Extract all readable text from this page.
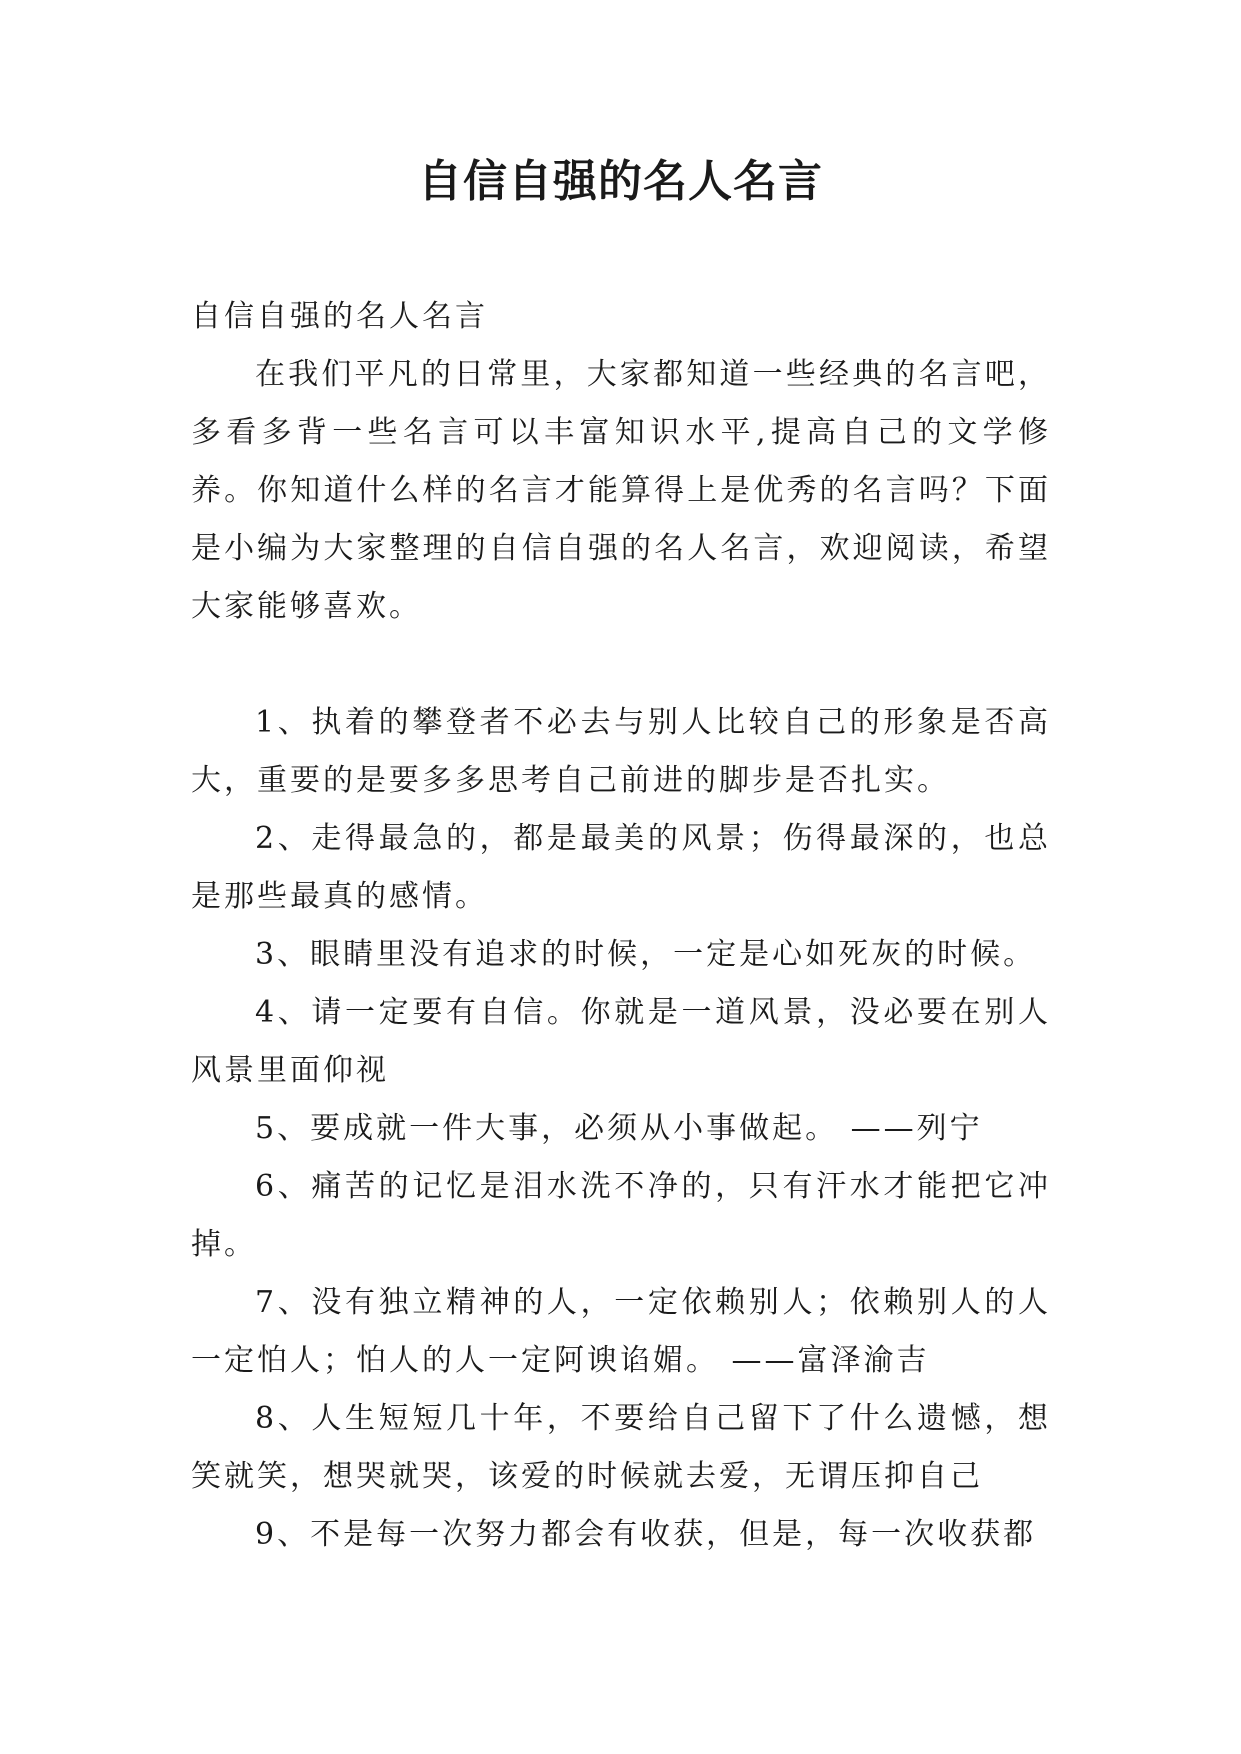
自信自强的名人名言

自信自强的名人名言

在我们平凡的日常里，大家都知道一些经典的名言吧，多看多背一些名言可以丰富知识水平,提高自己的文学修养。你知道什么样的名言才能算得上是优秀的名言吗？下面是小编为大家整理的自信自强的名人名言，欢迎阅读，希望大家能够喜欢。

1、执着的攀登者不必去与别人比较自己的形象是否高大，重要的是要多多思考自己前进的脚步是否扎实。

2、走得最急的，都是最美的风景；伤得最深的，也总是那些最真的感情。

3、眼睛里没有追求的时候，一定是心如死灰的时候。

4、请一定要有自信。你就是一道风景，没必要在别人风景里面仰视

5、要成就一件大事，必须从小事做起。 ——列宁

6、痛苦的记忆是泪水洗不净的，只有汗水才能把它冲掉。

7、没有独立精神的人，一定依赖别人；依赖别人的人一定怕人；怕人的人一定阿谀谄媚。 ——富泽渝吉

8、人生短短几十年，不要给自己留下了什么遗憾，想笑就笑，想哭就哭，该爱的时候就去爱，无谓压抑自己

9、不是每一次努力都会有收获，但是，每一次收获都
